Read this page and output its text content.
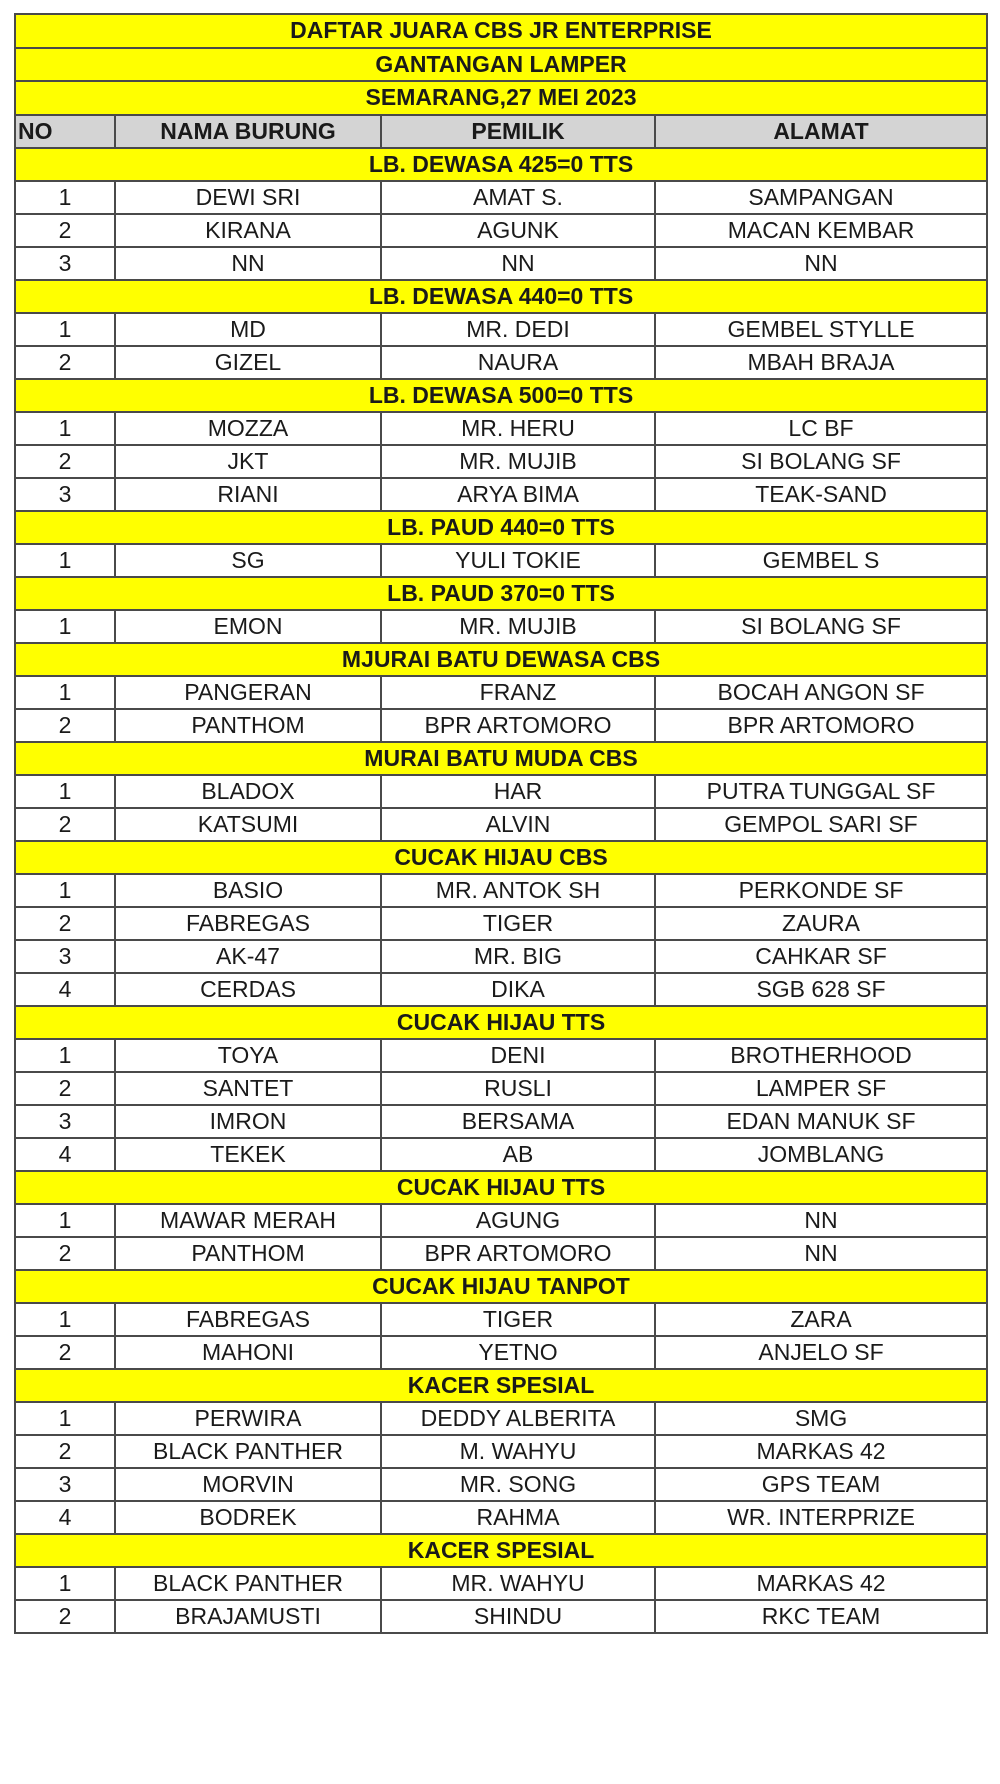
DAFTAR JUARA CBS JR ENTERPRISE			
GANTANGAN LAMPER			
SEMARANG,27 MEI 2023			
NO	NAMA BURUNG	PEMILIK	ALAMAT
LB. DEWASA 425=0 TTS			
1	DEWI SRI	AMAT S.	SAMPANGAN
2	KIRANA	AGUNK	MACAN KEMBAR
3	NN	NN	NN
LB. DEWASA 440=0 TTS			
1	MD	MR. DEDI	GEMBEL STYLLE
2	GIZEL	NAURA	MBAH BRAJA
LB. DEWASA 500=0 TTS			
1	MOZZA	MR. HERU	LC BF
2	JKT	MR. MUJIB	SI BOLANG SF
3	RIANI	ARYA BIMA	TEAK-SAND
LB. PAUD 440=0 TTS			
1	SG	YULI TOKIE	GEMBEL S
LB. PAUD 370=0 TTS			
1	EMON	MR. MUJIB	SI BOLANG SF
MJURAI BATU DEWASA CBS			
1	PANGERAN	FRANZ	BOCAH ANGON SF
2	PANTHOM	BPR ARTOMORO	BPR ARTOMORO
MURAI BATU MUDA CBS			
1	BLADOX	HAR	PUTRA TUNGGAL SF
2	KATSUMI	ALVIN	GEMPOL SARI SF
CUCAK HIJAU CBS			
1	BASIO	MR. ANTOK SH	PERKONDE SF
2	FABREGAS	TIGER	ZAURA
3	AK-47	MR. BIG	CAHKAR SF
4	CERDAS	DIKA	SGB 628 SF
CUCAK HIJAU TTS			
1	TOYA	DENI	BROTHERHOOD
2	SANTET	RUSLI	LAMPER SF
3	IMRON	BERSAMA	EDAN MANUK SF
4	TEKEK	AB	JOMBLANG
CUCAK HIJAU TTS			
1	MAWAR MERAH	AGUNG	NN
2	PANTHOM	BPR ARTOMORO	NN
CUCAK HIJAU TANPOT			
1	FABREGAS	TIGER	ZARA
2	MAHONI	YETNO	ANJELO SF
KACER SPESIAL			
1	PERWIRA	DEDDY ALBERITA	SMG
2	BLACK PANTHER	M. WAHYU	MARKAS 42
3	MORVIN	MR. SONG	GPS TEAM
4	BODREK	RAHMA	WR. INTERPRIZE
KACER SPESIAL			
1	BLACK PANTHER	MR. WAHYU	MARKAS 42
2	BRAJAMUSTI	SHINDU	RKC TEAM
